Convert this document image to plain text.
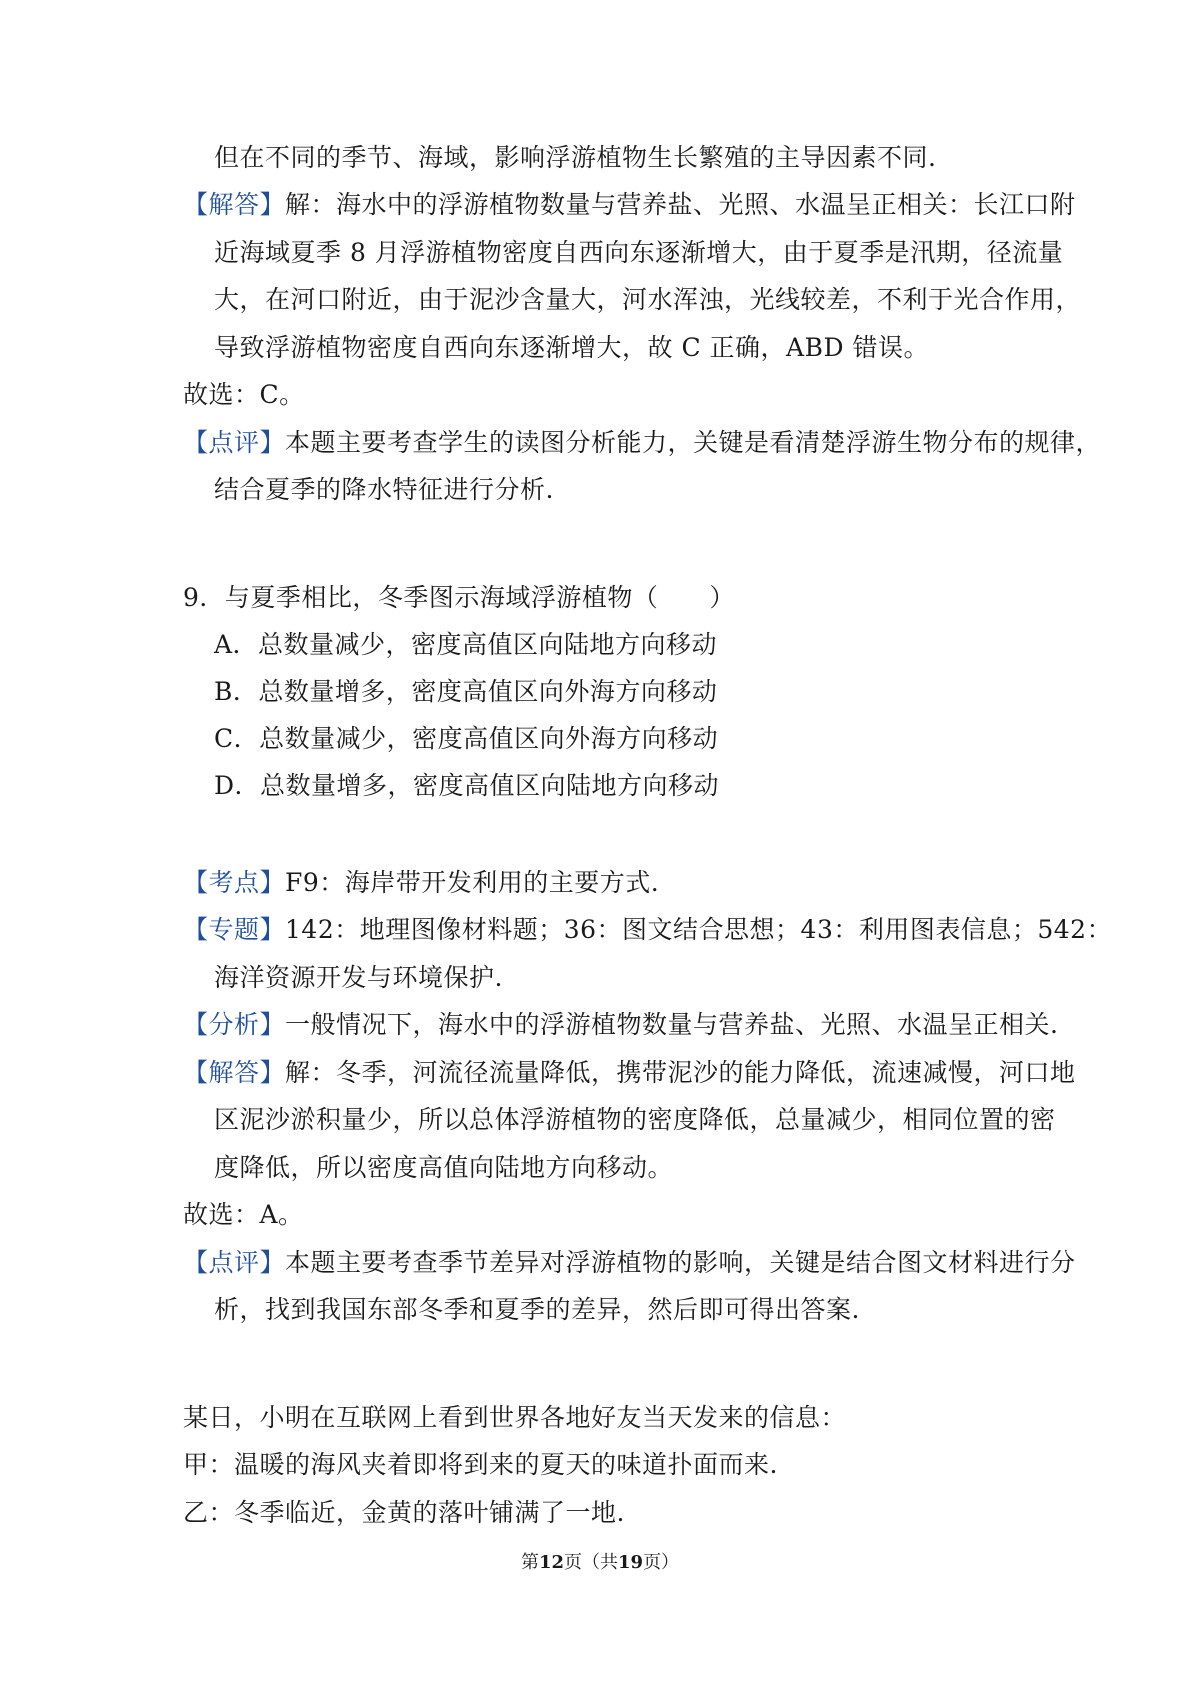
但在不同的季节、海域，影响浮游植物生长繁殖的主导因素不同.
【解答】解：海水中的浮游植物数量与营养盐、光照、水温呈正相关：长江口附
近海域夏季 8 月浮游植物密度自西向东逐渐增大，由于夏季是汛期，径流量
大，在河口附近，由于泥沙含量大，河水浑浊，光线较差，不利于光合作用，
导致浮游植物密度自西向东逐渐增大，故 C 正确，ABD 错误。
故选：C。
【点评】本题主要考查学生的读图分析能力，关键是看清楚浮游生物分布的规律，
结合夏季的降水特征进行分析.
9．与夏季相比，冬季图示海域浮游植物（　　）
A．总数量减少，密度高值区向陆地方向移动
B．总数量增多，密度高值区向外海方向移动
C．总数量减少，密度高值区向外海方向移动
D．总数量增多，密度高值区向陆地方向移动
【考点】F9：海岸带开发利用的主要方式.
【专题】142：地理图像材料题；36：图文结合思想；43：利用图表信息；542：
海洋资源开发与环境保护.
【分析】一般情况下，海水中的浮游植物数量与营养盐、光照、水温呈正相关.
【解答】解：冬季，河流径流量降低，携带泥沙的能力降低，流速减慢，河口地
区泥沙淤积量少，所以总体浮游植物的密度降低，总量减少，相同位置的密
度降低，所以密度高值向陆地方向移动。
故选：A。
【点评】本题主要考查季节差异对浮游植物的影响，关键是结合图文材料进行分
析，找到我国东部冬季和夏季的差异，然后即可得出答案.
某日，小明在互联网上看到世界各地好友当天发来的信息：
甲：温暖的海风夹着即将到来的夏天的味道扑面而来.
乙：冬季临近，金黄的落叶铺满了一地.
第12页（共19页）
